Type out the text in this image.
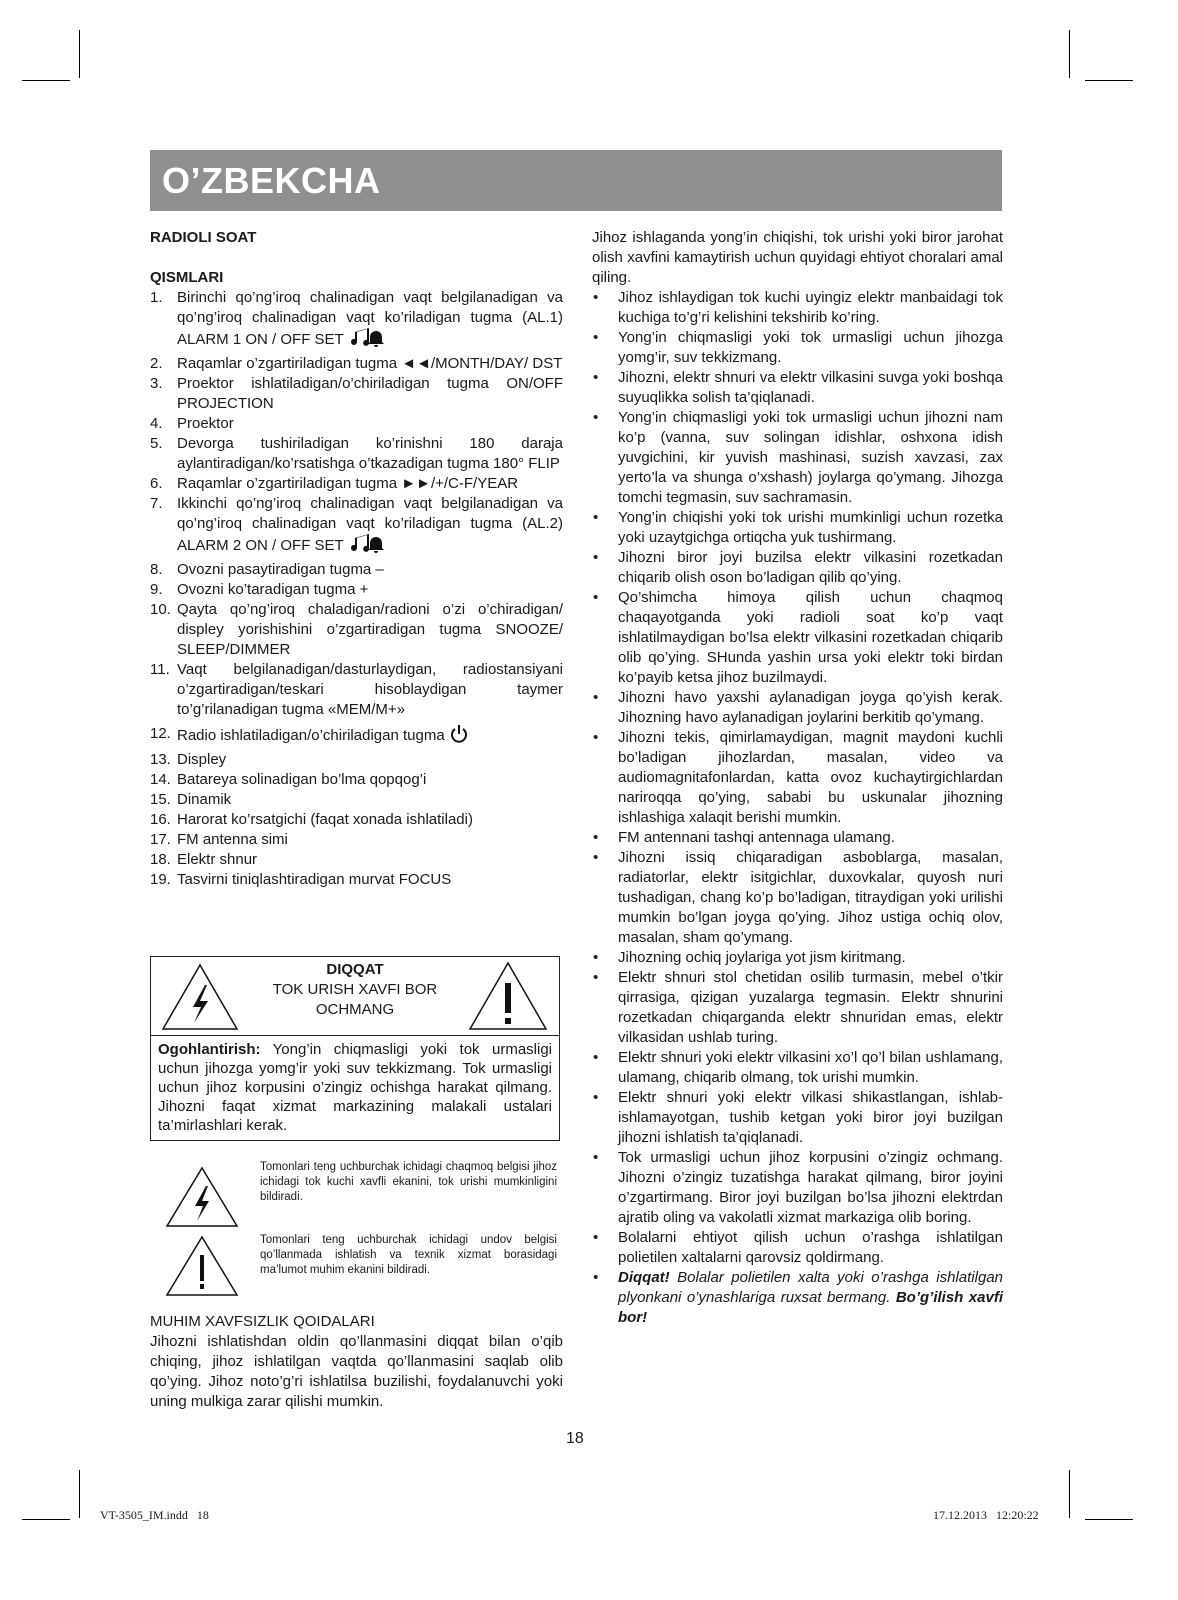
O’ZBEKCHA

RADIOLI SOAT

QISMLARI

1. Birinchi qo’ng’iroq chalinadigan vaqt belgilanadigan va qo’ng’iroq chalinadigan vaqt ko’riladigan tugma (AL.1) ALARM 1 ON / OFF SET
2. Raqamlar o’zgartiriladigan tugma ◄◄/MONTH/DAY/ DST
3. Proektor ishlatiladigan/o’chiriladigan tugma ON/OFF PROJECTION
4. Proektor
5. Devorga tushiriladigan ko’rinishni 180 daraja aylantiradigan/ko’rsatishga o’tkazadigan tugma 180° FLIP
6. Raqamlar o’zgartiriladigan tugma ►►/+/C-F/YEAR
7. Ikkinchi qo’ng’iroq chalinadigan vaqt belgilanadigan va qo’ng’iroq chalinadigan vaqt ko’riladigan tugma (AL.2) ALARM 2 ON / OFF SET
8. Ovozni pasaytiradigan tugma –
9. Ovozni ko’taradigan tugma +
10. Qayta qo’ng’iroq chaladigan/radioni o’zi o’chiradigan/ displey yorishishini o’zgartiradigan tugma SNOOZE/ SLEEP/DIMMER
11. Vaqt belgilanadigan/dasturlaydigan, radiostansiyani o’zgartiradigan/teskari hisoblaydigan taymer to’g’rilanadigan tugma «MEM/M+»
12. Radio ishlatiladigan/o’chiriladigan tugma
13. Displey
14. Batareya solinadigan bo’lma qopqog’i
15. Dinamik
16. Harorat ko’rsatgichi (faqat xonada ishlatiladi)
17. FM antenna simi
18. Elektr shnur
19. Tasvirni tiniqlashtiradigan murvat FOCUS
DIQQAT
TOK URISH XAVFI BOR
OCHMANG
Ogohlantirish: Yong’in chiqmasligi yoki tok urmasligi uchun jihozga yomg’ir yoki suv tekkizmang. Tok urmasligi uchun jihoz korpusini o’zingiz ochishga harakat qilmang. Jihozni faqat xizmat markazining malakali ustalari ta’mirlashlari kerak.
Tomonlari teng uchburchak ichidagi chaqmoq belgisi jihoz ichidagi tok kuchi xavfli ekanini, tok urishi mumkinligini bildiradi.
Tomonlari teng uchburchak ichidagi undov belgisi qo’llanmada ishlatish va texnik xizmat borasidagi ma’lumot muhim ekanini bildiradi.
MUHIM XAVFSIZLIK QOIDALARI
Jihozni ishlatishdan oldin qo’llanmasini diqqat bilan o’qib chiqing, jihoz ishlatilgan vaqtda qo’llanmasini saqlab olib qo’ying. Jihoz noto’g’ri ishlatilsa buzilishi, foydalanuvchi yoki uning mulkiga zarar qilishi mumkin.
Jihoz ishlaganda yong’in chiqishi, tok urishi yoki biror jarohat olish xavfini kamaytirish uchun quyidagi ehtiyot choralari amal qiling.
• Jihoz ishlaydigan tok kuchi uyingiz elektr manbaidagi tok kuchiga to’g’ri kelishini tekshirib ko’ring.
• Yong’in chiqmasligi yoki tok urmasligi uchun jihozga yomg’ir, suv tekkizmang.
• Jihozni, elektr shnuri va elektr vilkasini suvga yoki boshqa suyuqlikka solish ta’qiqlanadi.
• Yong’in chiqmasligi yoki tok urmasligi uchun jihozni nam ko’p (vanna, suv solingan idishlar, oshxona idish yuvgichini, kir yuvish mashinasi, suzish xavzasi, zax yerto’la va shunga o’xshash) joylarga qo’ymang. Jihozga tomchi tegmasin, suv sachramasin.
• Yong’in chiqishi yoki tok urishi mumkinligi uchun rozetka yoki uzaytgichga ortiqcha yuk tushirmang.
• Jihozni biror joyi buzilsa elektr vilkasini rozetkadan chiqarib olish oson bo’ladigan qilib qo’ying.
• Qo’shimcha himoya qilish uchun chaqmoq chaqayotganda yoki radioli soat ko’p vaqt ishlatilmaydigan bo’lsa elektr vilkasini rozetkadan chiqarib olib qo’ying. SHunda yashin ursa yoki elektr toki birdan ko’payib ketsa jihoz buzilmaydi.
• Jihozni havo yaxshi aylanadigan joyga qo’yish kerak. Jihozning havo aylanadigan joylarini berkitib qo’ymang.
• Jihozni tekis, qimirlamaydigan, magnit maydoni kuchli bo’ladigan jihozlardan, masalan, video va audiomagnitafonlardan, katta ovoz kuchaytirgichlardan nariroqqa qo’ying, sababi bu uskunalar jihozning ishlashiga xalaqit berishi mumkin.
• FM antennani tashqi antennaga ulamang.
• Jihozni issiq chiqaradigan asboblarga, masalan, radiatorlar, elektr isitgichlar, duxovkalar, quyosh nuri tushadigan, chang ko’p bo’ladigan, titraydigan yoki urilishi mumkin bo’lgan joyga qo’ying. Jihoz ustiga ochiq olov, masalan, sham qo’ymang.
• Jihozning ochiq joylariga yot jism kiritmang.
• Elektr shnuri stol chetidan osilib turmasin, mebel o’tkir qirrasiga, qizigan yuzalarga tegmasin. Elektr shnurini rozetkadan chiqarganda elektr shnuridan emas, elektr vilkasidan ushlab turing.
• Elektr shnuri yoki elektr vilkasini xo’l qo’l bilan ushlamang, ulamang, chiqarib olmang, tok urishi mumkin.
• Elektr shnuri yoki elektr vilkasi shikastlangan, ishlab-ishlamayotgan, tushib ketgan yoki biror joyi buzilgan jihozni ishlatish ta’qiqlanadi.
• Tok urmasligi uchun jihoz korpusini o’zingiz ochmang. Jihozni o’zingiz tuzatishga harakat qilmang, biror joyini o’zgartirmang. Biror joyi buzilgan bo’lsa jihozni elektrdan ajratib oling va vakolatli xizmat markaziga olib boring.
• Bolalarni ehtiyot qilish uchun o’rashga ishlatilgan polietilen xaltalarni qarovsiz qoldirmang.
• Diqqat! Bolalar polietilen xalta yoki o’rashga ishlatilgan plyonkani o’ynashlariga ruxsat bermang. Bo’g’ilish xavfi bor!
18
VT-3505_IM.indd   18	17.12.2013   12:20:22
